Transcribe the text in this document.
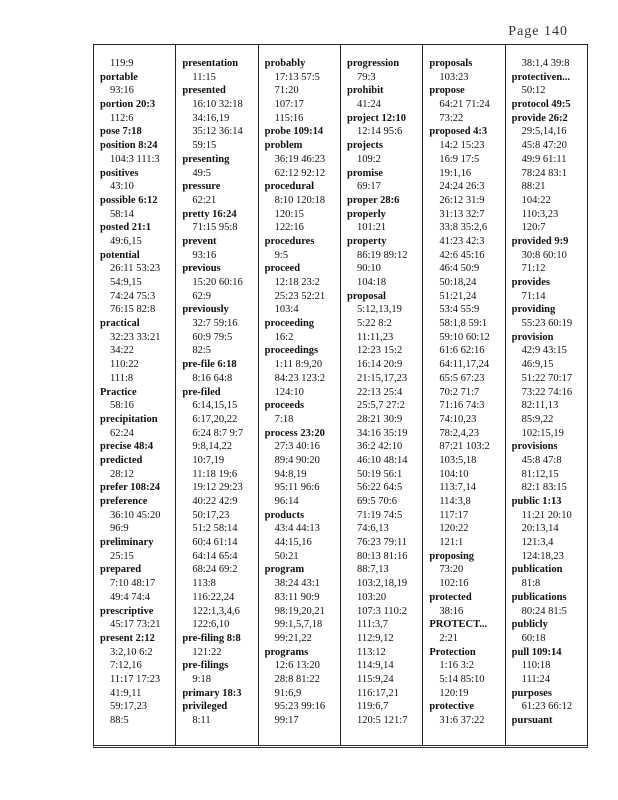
Page 140
119:9
portable
93:16
portion 20:3
112:6
pose 7:18
position 8:24
104:3 111:3
positives
43:10
possible 6:12
58:14
posted 21:1
49:6,15
potential
26:11 53:23
54:9,15
74:24 75:3
76:15 82:8
practical
32:23 33:21
34:22
110:22
111:8
Practice
58:16
precipitation
62:24
precise 48:4
predicted
28:12
prefer 108:24
preference
36:10 45:20
96:9
preliminary
25:15
prepared
7:10 48:17
49:4 74:4
prescriptive
45:17 73:21
present 2:12
3:2,10 6:2
7:12,16
11:17 17:23
41:9,11
59:17,23
88:5
presentation
11:15
presented
16:10 32:18
34:16,19
35:12 36:14
59:15
presenting
49:5
pressure
62:21
pretty 16:24
71:15 95:8
prevent
93:16
previous
15:20 60:16
62:9
previously
32:7 59:16
60:9 79:5
82:5
pre-file 6:18
8:16 64:8
pre-filed
6:14,15,15
6:17,20,22
6:24 8:7 9:7
9:8,14,22
10:7,19
11:18 19:6
19:12 29:23
40:22 42:9
50:17,23
51:2 58:14
60:4 61:14
64:14 65:4
68:24 69:2
113:8
116:22,24
122:1,3,4,6
122:6,10
pre-filing 8:8
121:22
pre-filings
9:18
primary 18:3
privileged
8:11
probably
17:13 57:5
71:20
107:17
115:16
probe 109:14
problem
36:19 46:23
62:12 92:12
procedural
8:10 120:18
120:15
122:16
procedures
9:5
proceed
12:18 23:2
25:23 52:21
103:4
proceeding
16:2
proceedings
1:11 8:9,20
84:23 123:2
124:10
proceeds
7:18
process 23:20
27:3 40:16
89:4 90:20
94:8,19
95:11 96:6
96:14
products
43:4 44:13
44:15,16
50:21
program
38:24 43:1
83:11 90:9
98:19,20,21
99:1,5,7,18
99:21,22
programs
12:6 13:20
28:8 81:22
91:6,9
95:23 99:16
99:17
progression
79:3
prohibit
41:24
project 12:10
12:14 95:6
projects
109:2
promise
69:17
proper 28:6
properly
101:21
property
86:19 89:12
90:10
104:18
proposal
5:12,13,19
5:22 8:2
11:11,23
12:23 15:2
16:14 20:9
21:15,17,23
22:13 25:4
25:5,7 27:2
28:21 30:9
34:16 35:19
36:2 42:10
46:10 48:14
50:19 56:1
56:22 64:5
69:5 70:6
71:19 74:5
74:6,13
76:23 79:11
80:13 81:16
88:7,13
103:2,18,19
103:20
107:3 110:2
111:3,7
112:9,12
113:12
114:9,14
115:9,24
116:17,21
119:6,7
120:5 121:7
proposals
103:23
propose
64:21 71:24
73:22
proposed 4:3
14:2 15:23
16:9 17:5
19:1,16
24:24 26:3
26:12 31:9
31:13 32:7
33:8 35:2,6
41:23 42:3
42:6 45:16
46:4 50:9
50:18,24
51:21,24
53:4 55:9
58:1,8 59:1
59:10 60:12
61:6 62:16
64:11,17,24
65:5 67:23
70:2 71:7
71:16 74:3
74:10,23
78:2,4,23
87:21 103:2
103:5,18
104:10
113:7,14
114:3,8
117:17
120:22
121:1
proposing
73:20
102:16
protected
38:16
PROTECT...
2:21
Protection
1:16 3:2
5:14 85:10
120:19
protective
31:6 37:22
38:1,4 39:8
protectiven...
50:12
protocol 49:5
provide 26:2
29:5,14,16
45:8 47:20
49:9 61:11
78:24 83:1
88:21
104:22
110:3,23
120:7
provided 9:9
30:8 60:10
71:12
provides
71:14
providing
55:23 60:19
provision
42:9 43:15
46:9,15
51:22 70:17
73:22 74:16
82:11,13
85:9,22
102:15,19
provisions
45:8 47:8
81:12,15
82:1 83:15
public 1:13
11:21 20:10
20:13,14
121:3,4
124:18,23
publication
81:8
publications
80:24 81:5
publicly
60:18
pull 109:14
110:18
111:24
purposes
61:23 66:12
pursuant
